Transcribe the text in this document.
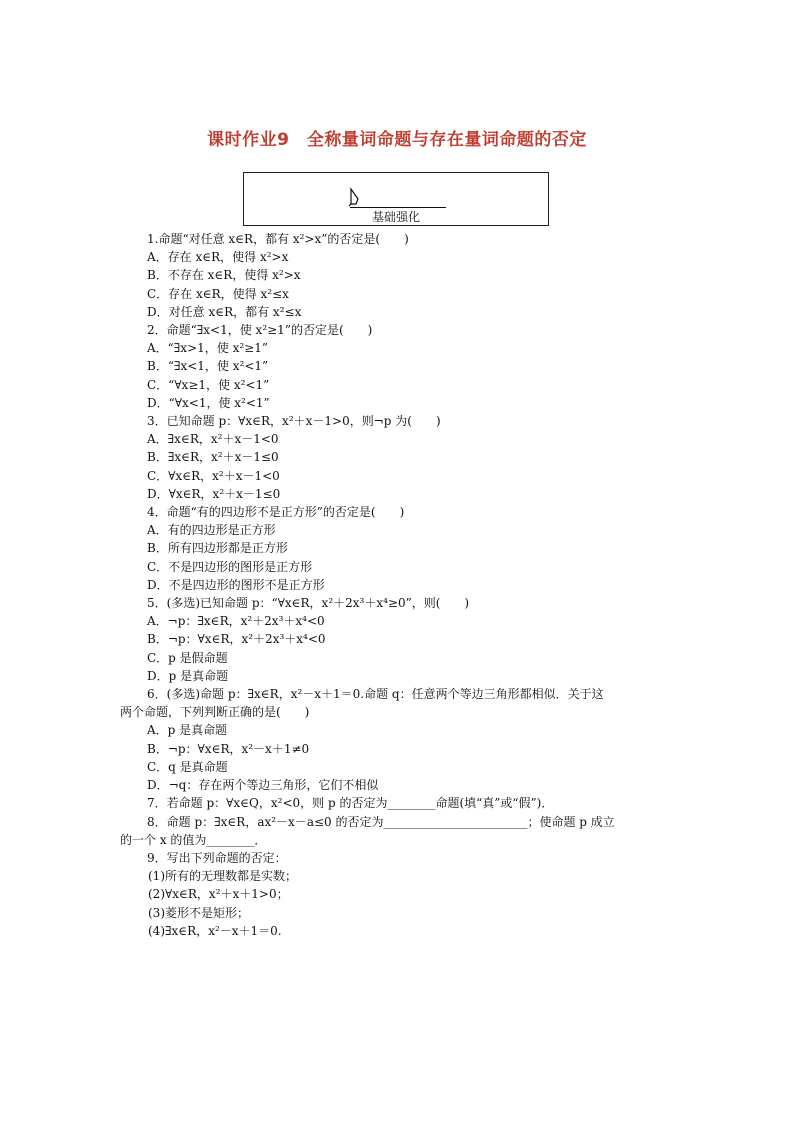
课时作业9　全称量词命题与存在量词命题的否定
基础强化
1.命题“对任意 x∈R，都有 x²>x”的否定是(　　)
A．存在 x∈R，使得 x²>x
B．不存在 x∈R，使得 x²>x
C．存在 x∈R，使得 x²≤x
D．对任意 x∈R，都有 x²≤x
2．命题“∃x<1，使 x²≥1”的否定是(　　)
A．“∃x>1，使 x²≥1”
B．“∃x<1，使 x²<1”
C．“∀x≥1，使 x²<1”
D．“∀x<1，使 x²<1”
3．已知命题 p：∀x∈R，x²＋x－1>0，则¬p 为(　　)
A．∃x∈R，x²＋x－1<0
B．∃x∈R，x²＋x－1≤0
C．∀x∈R，x²＋x－1<0
D．∀x∈R，x²＋x－1≤0
4．命题“有的四边形不是正方形”的否定是(　　)
A．有的四边形是正方形
B．所有四边形都是正方形
C．不是四边形的图形是正方形
D．不是四边形的图形不是正方形
5．(多选)已知命题 p：“∀x∈R，x²＋2x³＋x⁴≥0”，则(　　)
A．¬p：∃x∈R，x²＋2x³＋x⁴<0
B．¬p：∀x∈R，x²＋2x³＋x⁴<0
C．p 是假命题
D．p 是真命题
6．(多选)命题 p：∃x∈R，x²－x＋1＝0.命题 q：任意两个等边三角形都相似．关于这
两个命题，下列判断正确的是(　　)
A．p 是真命题
B．¬p：∀x∈R，x²－x＋1≠0
C．q 是真命题
D．¬q：存在两个等边三角形，它们不相似
7．若命题 p：∀x∈Q，x²<0，则 p 的否定为________命题(填“真”或“假”)．
8．命题 p：∃x∈R，ax²－x－a≤0 的否定为________________________；使命题 p 成立
的一个 x 的值为________．
9．写出下列命题的否定：
(1)所有的无理数都是实数；
(2)∀x∈R，x²＋x＋1>0；
(3)菱形不是矩形；
(4)∃x∈R，x²－x＋1＝0.
